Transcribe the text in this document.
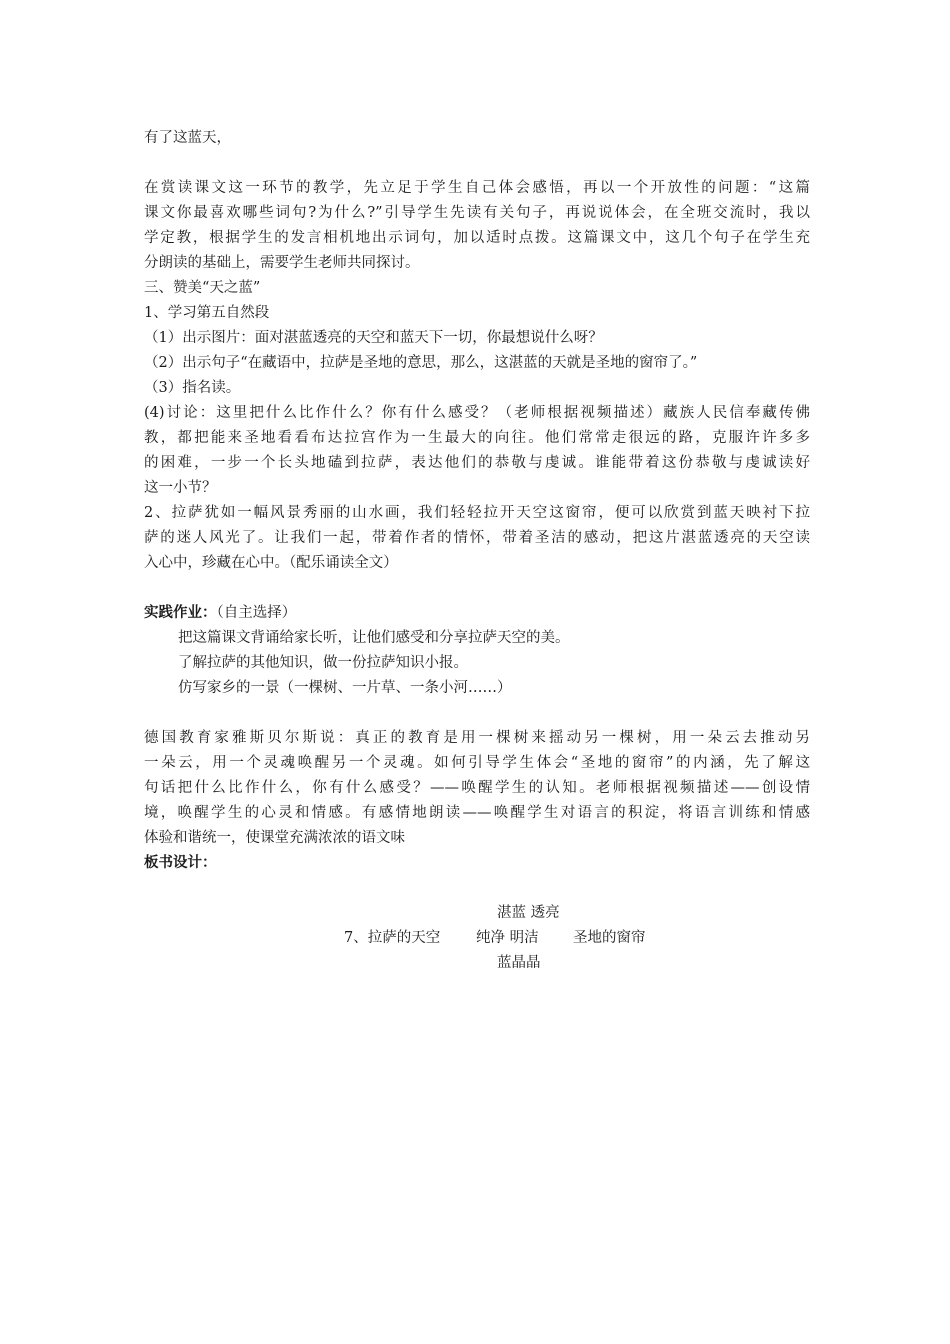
有了这蓝天，
在赏读课文这一环节的教学，先立足于学生自己体会感悟，再以一个开放性的问题：“这篇
课文你最喜欢哪些词句?为什么?”引导学生先读有关句子，再说说体会，在全班交流时，我以
学定教，根据学生的发言相机地出示词句，加以适时点拨。这篇课文中，这几个句子在学生充
分朗读的基础上，需要学生老师共同探讨。
三、赞美“天之蓝”
1、学习第五自然段
（1）出示图片：面对湛蓝透亮的天空和蓝天下一切，你最想说什么呀？
（2）出示句子“在藏语中，拉萨是圣地的意思，那么，这湛蓝的天就是圣地的窗帘了。”
（3）指名读。
(4)讨论：这里把什么比作什么？你有什么感受？（老师根据视频描述）藏族人民信奉藏传佛
教，都把能来圣地看看布达拉宫作为一生最大的向往。他们常常走很远的路，克服许许多多
的困难，一步一个长头地磕到拉萨，表达他们的恭敬与虔诚。谁能带着这份恭敬与虔诚读好
这一小节？
2、拉萨犹如一幅风景秀丽的山水画，我们轻轻拉开天空这窗帘，便可以欣赏到蓝天映衬下拉
萨的迷人风光了。让我们一起，带着作者的情怀，带着圣洁的感动，把这片湛蓝透亮的天空读
入心中，珍藏在心中。（配乐诵读全文）
实践作业：（自主选择）
把这篇课文背诵给家长听，让他们感受和分享拉萨天空的美。
了解拉萨的其他知识，做一份拉萨知识小报。
仿写家乡的一景（一棵树、一片草、一条小河……）
德国教育家雅斯贝尔斯说：真正的教育是用一棵树来摇动另一棵树，用一朵云去推动另
一朵云，用一个灵魂唤醒另一个灵魂。如何引导学生体会“圣地的窗帘”的内涵，先了解这
句话把什么比作什么，你有什么感受？——唤醒学生的认知。老师根据视频描述——创设情
境，唤醒学生的心灵和情感。有感情地朗读——唤醒学生对语言的积淀，将语言训练和情感
体验和谐统一，使课堂充满浓浓的语文味
板书设计：
湛蓝 透亮
7、拉萨的天空 纯净 明洁 圣地的窗帘
蓝晶晶
